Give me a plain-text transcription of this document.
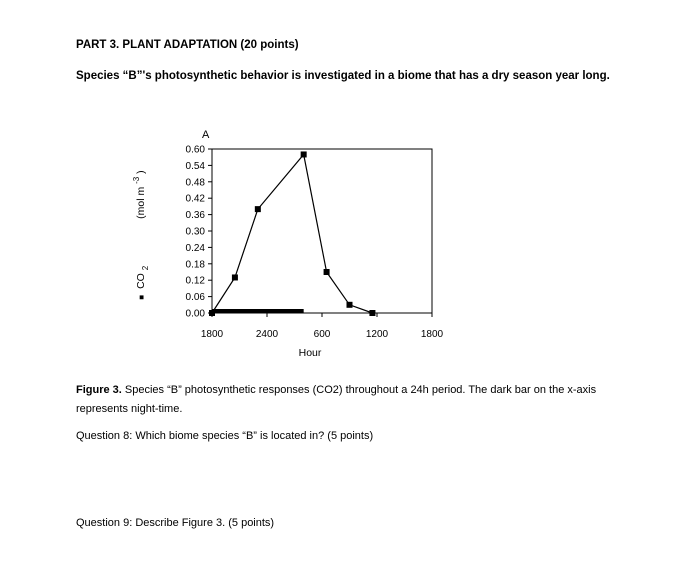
PART 3. PLANT ADAPTATION (20 points)
Species “B”'s photosynthetic behavior is investigated in a biome that has a dry season year long.
A
■ CO $_2$ (mol m $^{-3}$ )
0.60
0.54
0.48
0.42
0.36
0.30
0.24
0.18
0.12
0.06
0.00
1800	2400	600	1200	1800
Hour
Figure 3. Species “B” photosynthetic responses (CO2) throughout a 24h period. The dark bar on the x-axis represents night-time.
Question 8: Which biome species “B” is located in? (5 points)
Question 9: Describe Figure 3. (5 points)
